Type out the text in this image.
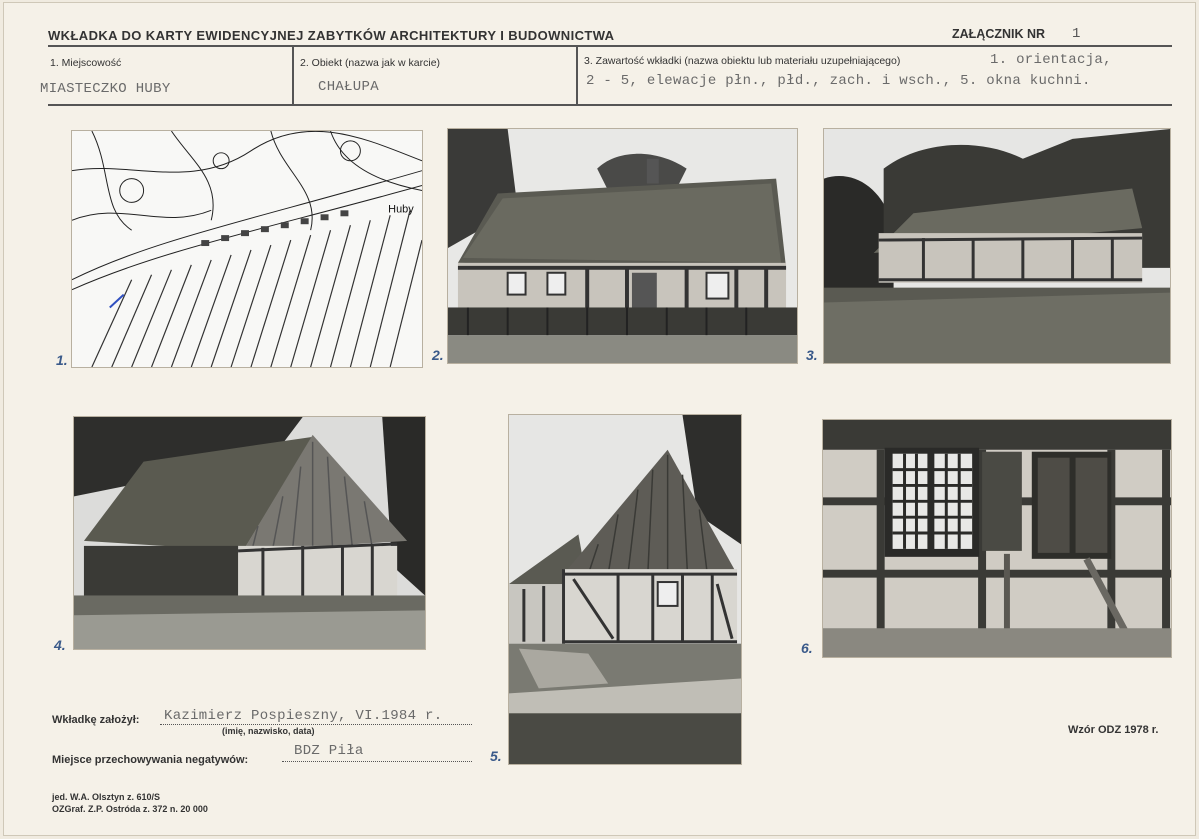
WKŁADKA DO KARTY EWIDENCYJNEJ ZABYTKÓW ARCHITEKTURY I BUDOWNICTWA	ZAŁĄCZNIK NR 1
1. Miejscowość
MIASTECZKO HUBY
2. Obiekt (nazwa jak w karcie)
CHAŁUPA
3. Zawartość wkładki (nazwa obiektu lub materiału uzupełniającego)	1. orientacja,
2 - 5, elewacje płn., płd., zach. i wsch., 5. okna kuchni.
Huby
1.	2.	3.
4.
5.
6.
Wkładkę założył: Kazimierz Pospieszny, VI.1984 r.
(imię, nazwisko, data)
Miejsce przechowywania negatywów:
BDZ Piła
Wzór ODZ 1978 r.
jed. W.A. Olsztyn z. 610/S
OZGraf. Z.P. Ostróda z. 372 n. 20 000
